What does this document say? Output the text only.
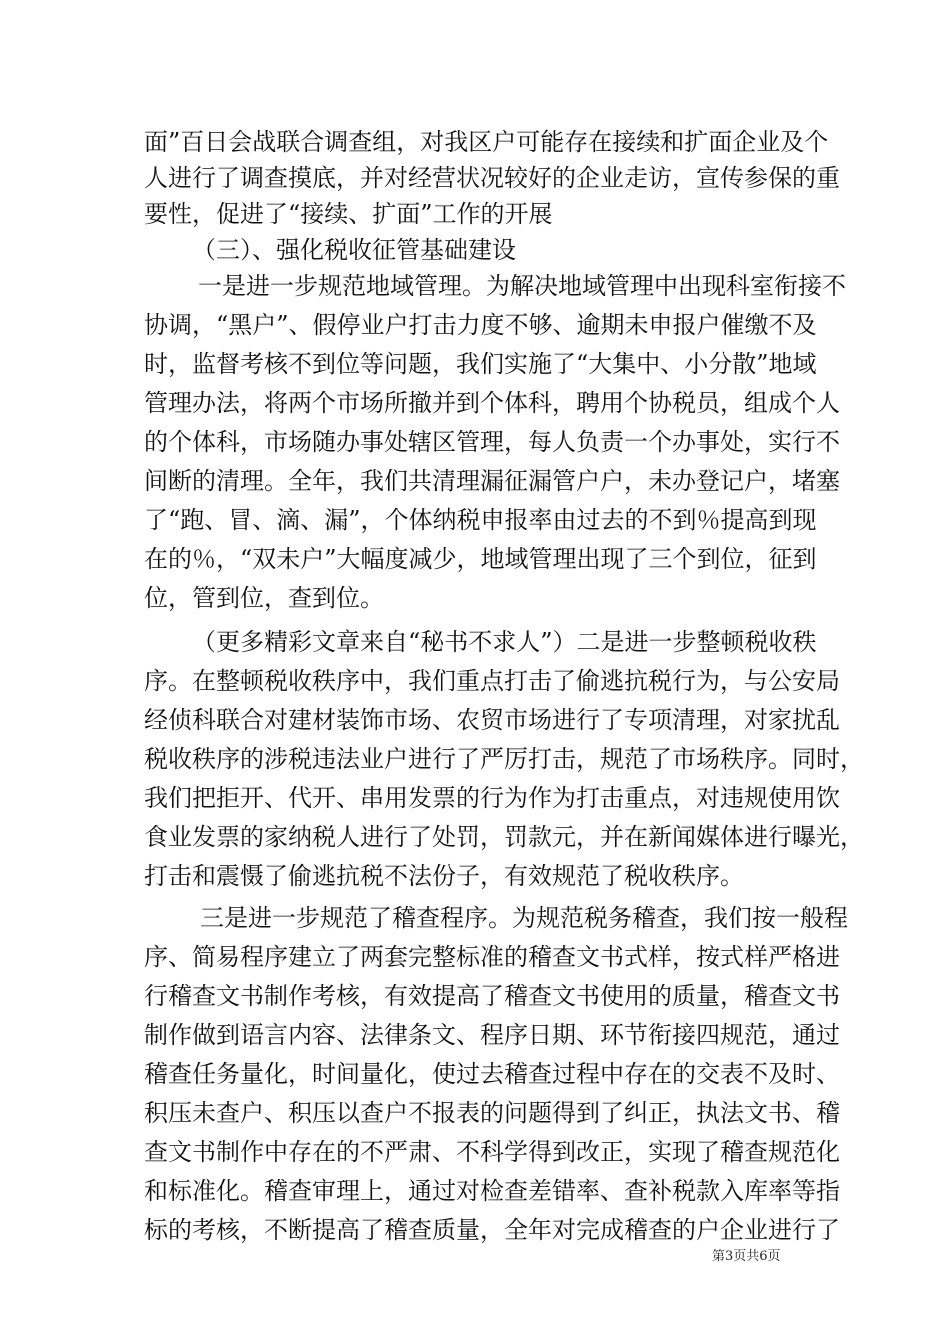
面”百日会战联合调查组，对我区户可能存在接续和扩面企业及个
人进行了调查摸底，并对经营状况较好的企业走访，宣传参保的重
要性，促进了“接续、扩面”工作的开展
（三）、强化税收征管基础建设
一是进一步规范地域管理。为解决地域管理中出现科室衔接不
协调，“黑户”、假停业户打击力度不够、逾期未申报户催缴不及
时，监督考核不到位等问题，我们实施了“大集中、小分散”地域
管理办法，将两个市场所撤并到个体科，聘用个协税员，组成个人
的个体科，市场随办事处辖区管理，每人负责一个办事处，实行不
间断的清理。全年，我们共清理漏征漏管户户，未办登记户，堵塞
了“跑、冒、滴、漏”，个体纳税申报率由过去的不到％提高到现
在的％，“双未户”大幅度减少，地域管理出现了三个到位，征到
位，管到位，查到位。
（更多精彩文章来自“秘书不求人”）二是进一步整顿税收秩
序。在整顿税收秩序中，我们重点打击了偷逃抗税行为，与公安局
经侦科联合对建材装饰市场、农贸市场进行了专项清理，对家扰乱
税收秩序的涉税违法业户进行了严厉打击，规范了市场秩序。同时，
我们把拒开、代开、串用发票的行为作为打击重点，对违规使用饮
食业发票的家纳税人进行了处罚，罚款元，并在新闻媒体进行曝光，
打击和震慑了偷逃抗税不法份子，有效规范了税收秩序。
三是进一步规范了稽查程序。为规范税务稽查，我们按一般程
序、简易程序建立了两套完整标准的稽查文书式样，按式样严格进
行稽查文书制作考核，有效提高了稽查文书使用的质量，稽查文书
制作做到语言内容、法律条文、程序日期、环节衔接四规范，通过
稽查任务量化，时间量化，使过去稽查过程中存在的交表不及时、
积压未查户、积压以查户不报表的问题得到了纠正，执法文书、稽
查文书制作中存在的不严肃、不科学得到改正，实现了稽查规范化
和标准化。稽查审理上，通过对检查差错率、查补税款入库率等指
标的考核，不断提高了稽查质量，全年对完成稽查的户企业进行了
第3页共6页
